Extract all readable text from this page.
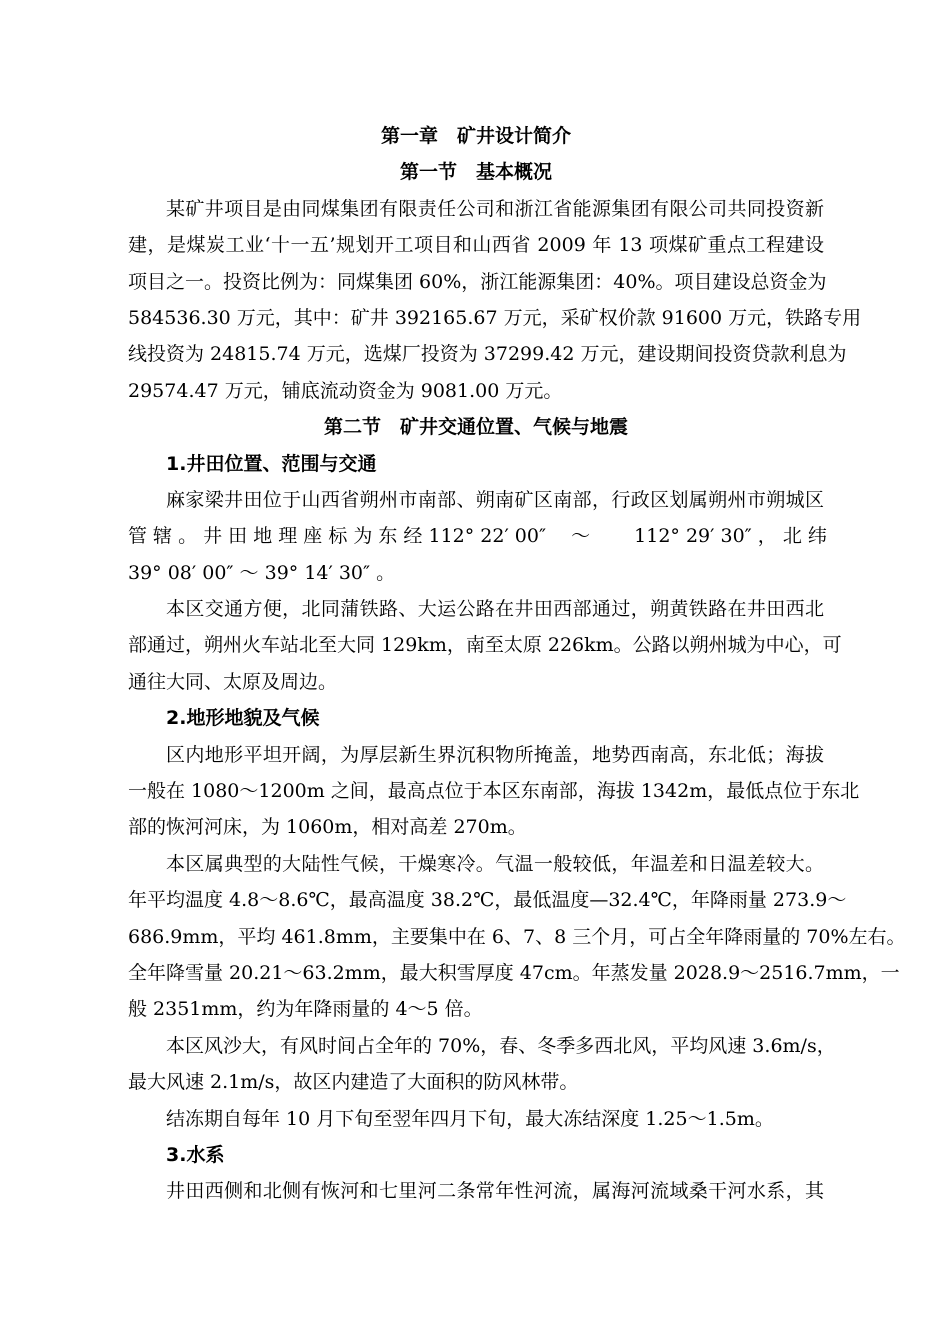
第一章　矿井设计简介
第一节　基本概况
某矿井项目是由同煤集团有限责任公司和浙江省能源集团有限公司共同投资新
建，是煤炭工业‘十一五’规划开工项目和山西省 2009 年 13 项煤矿重点工程建设
项目之一。投资比例为：同煤集团 60%，浙江能源集团：40%。项目建设总资金为
584536.30 万元，其中：矿井 392165.67 万元，采矿权价款 91600 万元，铁路专用
线投资为 24815.74 万元，选煤厂投资为 37299.42 万元，建设期间投资贷款利息为
29574.47 万元，铺底流动资金为 9081.00 万元。
第二节　矿井交通位置、气候与地震
1.井田位置、范围与交通
麻家梁井田位于山西省朔州市南部、朔南矿区南部，行政区划属朔州市朔城区
管 辖 。 井 田 地 理 座 标 为 东 经 112° 22′ 00″　 ～　　 112° 29′ 30″ ， 北 纬
39° 08′ 00″ ～ 39° 14′ 30″ 。
本区交通方便，北同蒲铁路、大运公路在井田西部通过，朔黄铁路在井田西北
部通过，朔州火车站北至大同 129km，南至太原 226km。公路以朔州城为中心，可
通往大同、太原及周边。
2.地形地貌及气候
区内地形平坦开阔，为厚层新生界沉积物所掩盖，地势西南高，东北低；海拔
一般在 1080～1200m 之间，最高点位于本区东南部，海拔 1342m，最低点位于东北
部的恢河河床，为 1060m，相对高差 270m。
本区属典型的大陆性气候，干燥寒冷。气温一般较低，年温差和日温差较大。
年平均温度 4.8～8.6℃，最高温度 38.2℃，最低温度—32.4℃，年降雨量 273.9～
686.9mm，平均 461.8mm，主要集中在 6、7、8 三个月，可占全年降雨量的 70%左右。
全年降雪量 20.21～63.2mm，最大积雪厚度 47cm。年蒸发量 2028.9～2516.7mm，一
般 2351mm，约为年降雨量的 4～5 倍。
本区风沙大，有风时间占全年的 70%，春、冬季多西北风，平均风速 3.6m/s，
最大风速 2.1m/s，故区内建造了大面积的防风林带。
结冻期自每年 10 月下旬至翌年四月下旬，最大冻结深度 1.25～1.5m。
3.水系
井田西侧和北侧有恢河和七里河二条常年性河流，属海河流域桑干河水系，其
